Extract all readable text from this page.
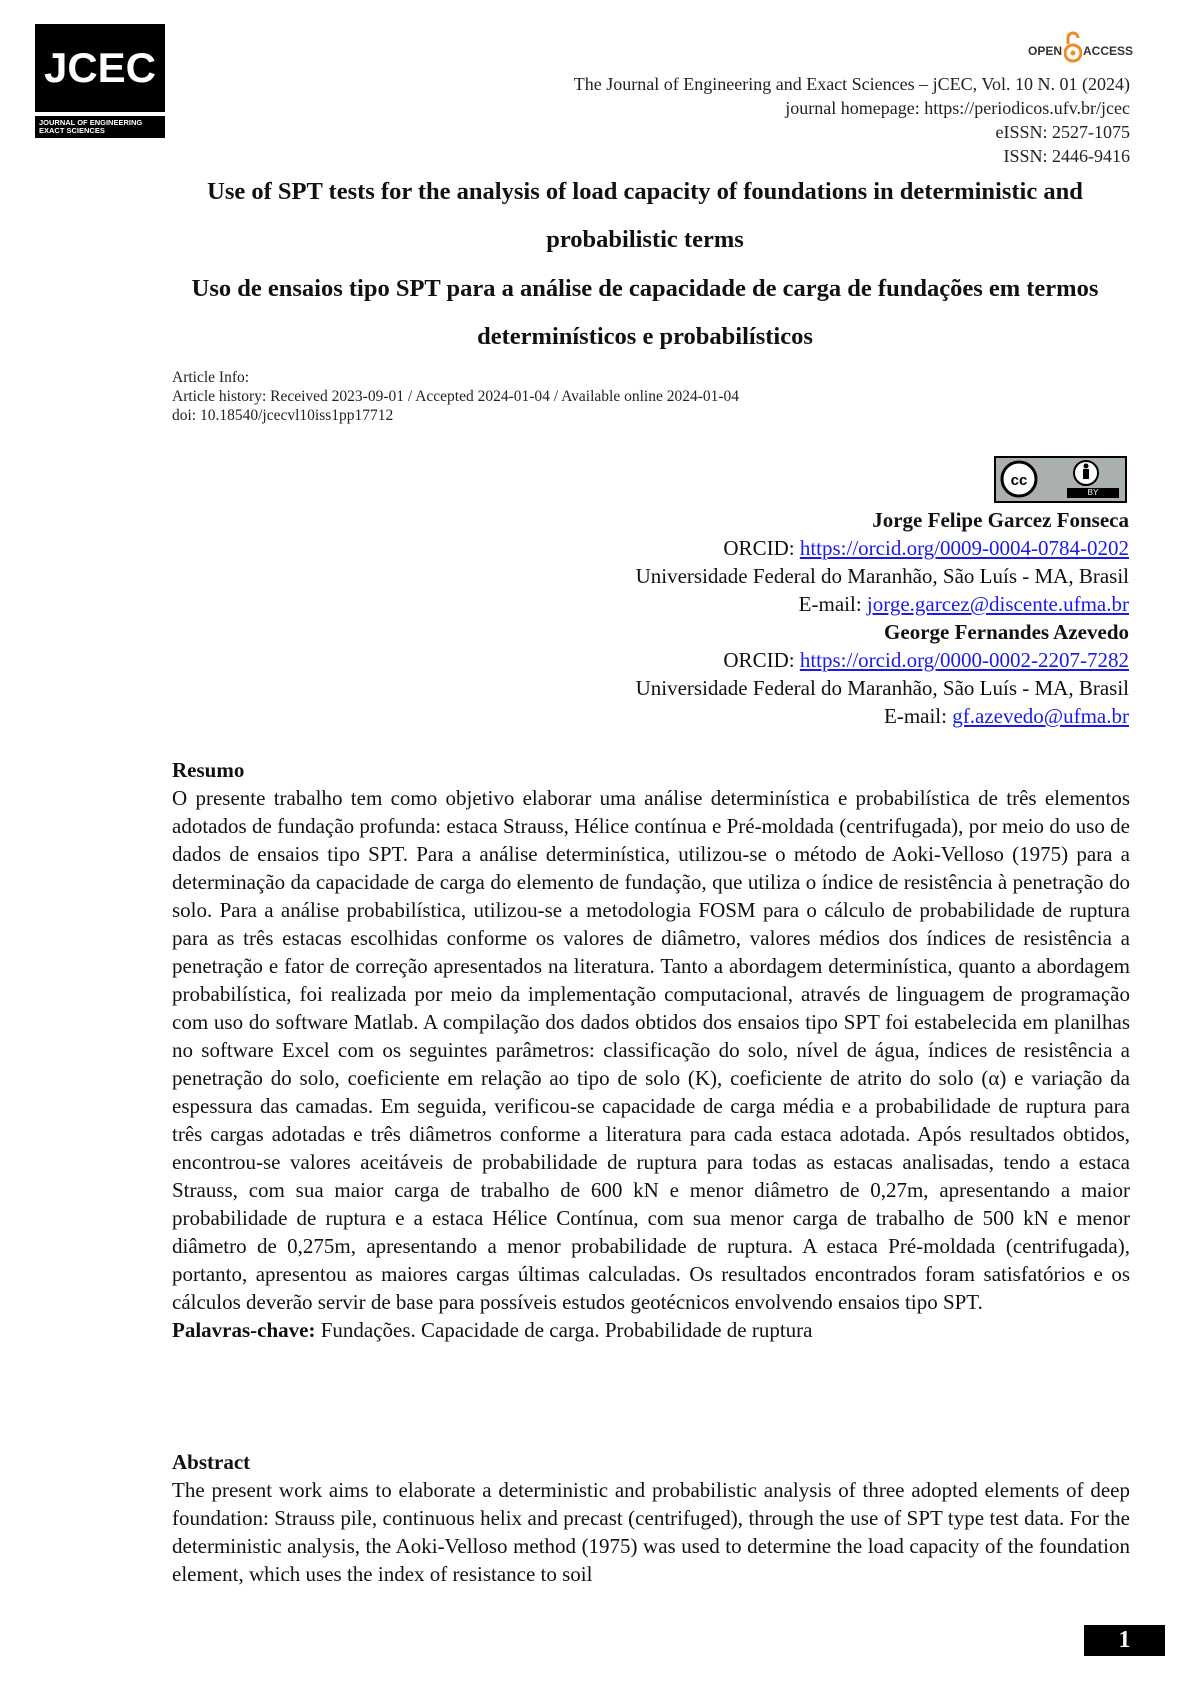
JCEC
JOURNAL OF ENGINEERING EXACT SCIENCES
OPEN ACCESS
The Journal of Engineering and Exact Sciences – jCEC, Vol. 10 N. 01 (2024)
journal homepage: https://periodicos.ufv.br/jcec
eISSN: 2527-1075
ISSN: 2446-9416
Use of SPT tests for the analysis of load capacity of foundations in deterministic and probabilistic terms
Uso de ensaios tipo SPT para a análise de capacidade de carga de fundações em termos determinísticos e probabilísticos
Article Info:
Article history: Received 2023-09-01 / Accepted 2024-01-04 / Available online 2024-01-04
doi: 10.18540/jcecvl10iss1pp17712
cc
BY
Jorge Felipe Garcez Fonseca
ORCID: https://orcid.org/0009-0004-0784-0202
Universidade Federal do Maranhão, São Luís - MA, Brasil
E-mail: jorge.garcez@discente.ufma.br
George Fernandes Azevedo
ORCID: https://orcid.org/0000-0002-2207-7282
Universidade Federal do Maranhão, São Luís - MA, Brasil
E-mail: gf.azevedo@ufma.br
Resumo
O presente trabalho tem como objetivo elaborar uma análise determinística e probabilística de três elementos adotados de fundação profunda: estaca Strauss, Hélice contínua e Pré-moldada (centrifugada), por meio do uso de dados de ensaios tipo SPT. Para a análise determinística, utilizou-se o método de Aoki-Velloso (1975) para a determinação da capacidade de carga do elemento de fundação, que utiliza o índice de resistência à penetração do solo. Para a análise probabilística, utilizou-se a metodologia FOSM para o cálculo de probabilidade de ruptura para as três estacas escolhidas conforme os valores de diâmetro, valores médios dos índices de resistência a penetração e fator de correção apresentados na literatura. Tanto a abordagem determinística, quanto a abordagem probabilística, foi realizada por meio da implementação computacional, através de linguagem de programação com uso do software Matlab. A compilação dos dados obtidos dos ensaios tipo SPT foi estabelecida em planilhas no software Excel com os seguintes parâmetros: classificação do solo, nível de água, índices de resistência a penetração do solo, coeficiente em relação ao tipo de solo (K), coeficiente de atrito do solo (α) e variação da espessura das camadas. Em seguida, verificou-se capacidade de carga média e a probabilidade de ruptura para três cargas adotadas e três diâmetros conforme a literatura para cada estaca adotada. Após resultados obtidos, encontrou-se valores aceitáveis de probabilidade de ruptura para todas as estacas analisadas, tendo a estaca Strauss, com sua maior carga de trabalho de 600 kN e menor diâmetro de 0,27m, apresentando a maior probabilidade de ruptura e a estaca Hélice Contínua, com sua menor carga de trabalho de 500 kN e menor diâmetro de 0,275m, apresentando a menor probabilidade de ruptura. A estaca Pré-moldada (centrifugada), portanto, apresentou as maiores cargas últimas calculadas. Os resultados encontrados foram satisfatórios e os cálculos deverão servir de base para possíveis estudos geotécnicos envolvendo ensaios tipo SPT.
Palavras-chave: Fundações. Capacidade de carga. Probabilidade de ruptura
Abstract
The present work aims to elaborate a deterministic and probabilistic analysis of three adopted elements of deep foundation: Strauss pile, continuous helix and precast (centrifuged), through the use of SPT type test data. For the deterministic analysis, the Aoki-Velloso method (1975) was used to determine the load capacity of the foundation element, which uses the index of resistance to soil
1
